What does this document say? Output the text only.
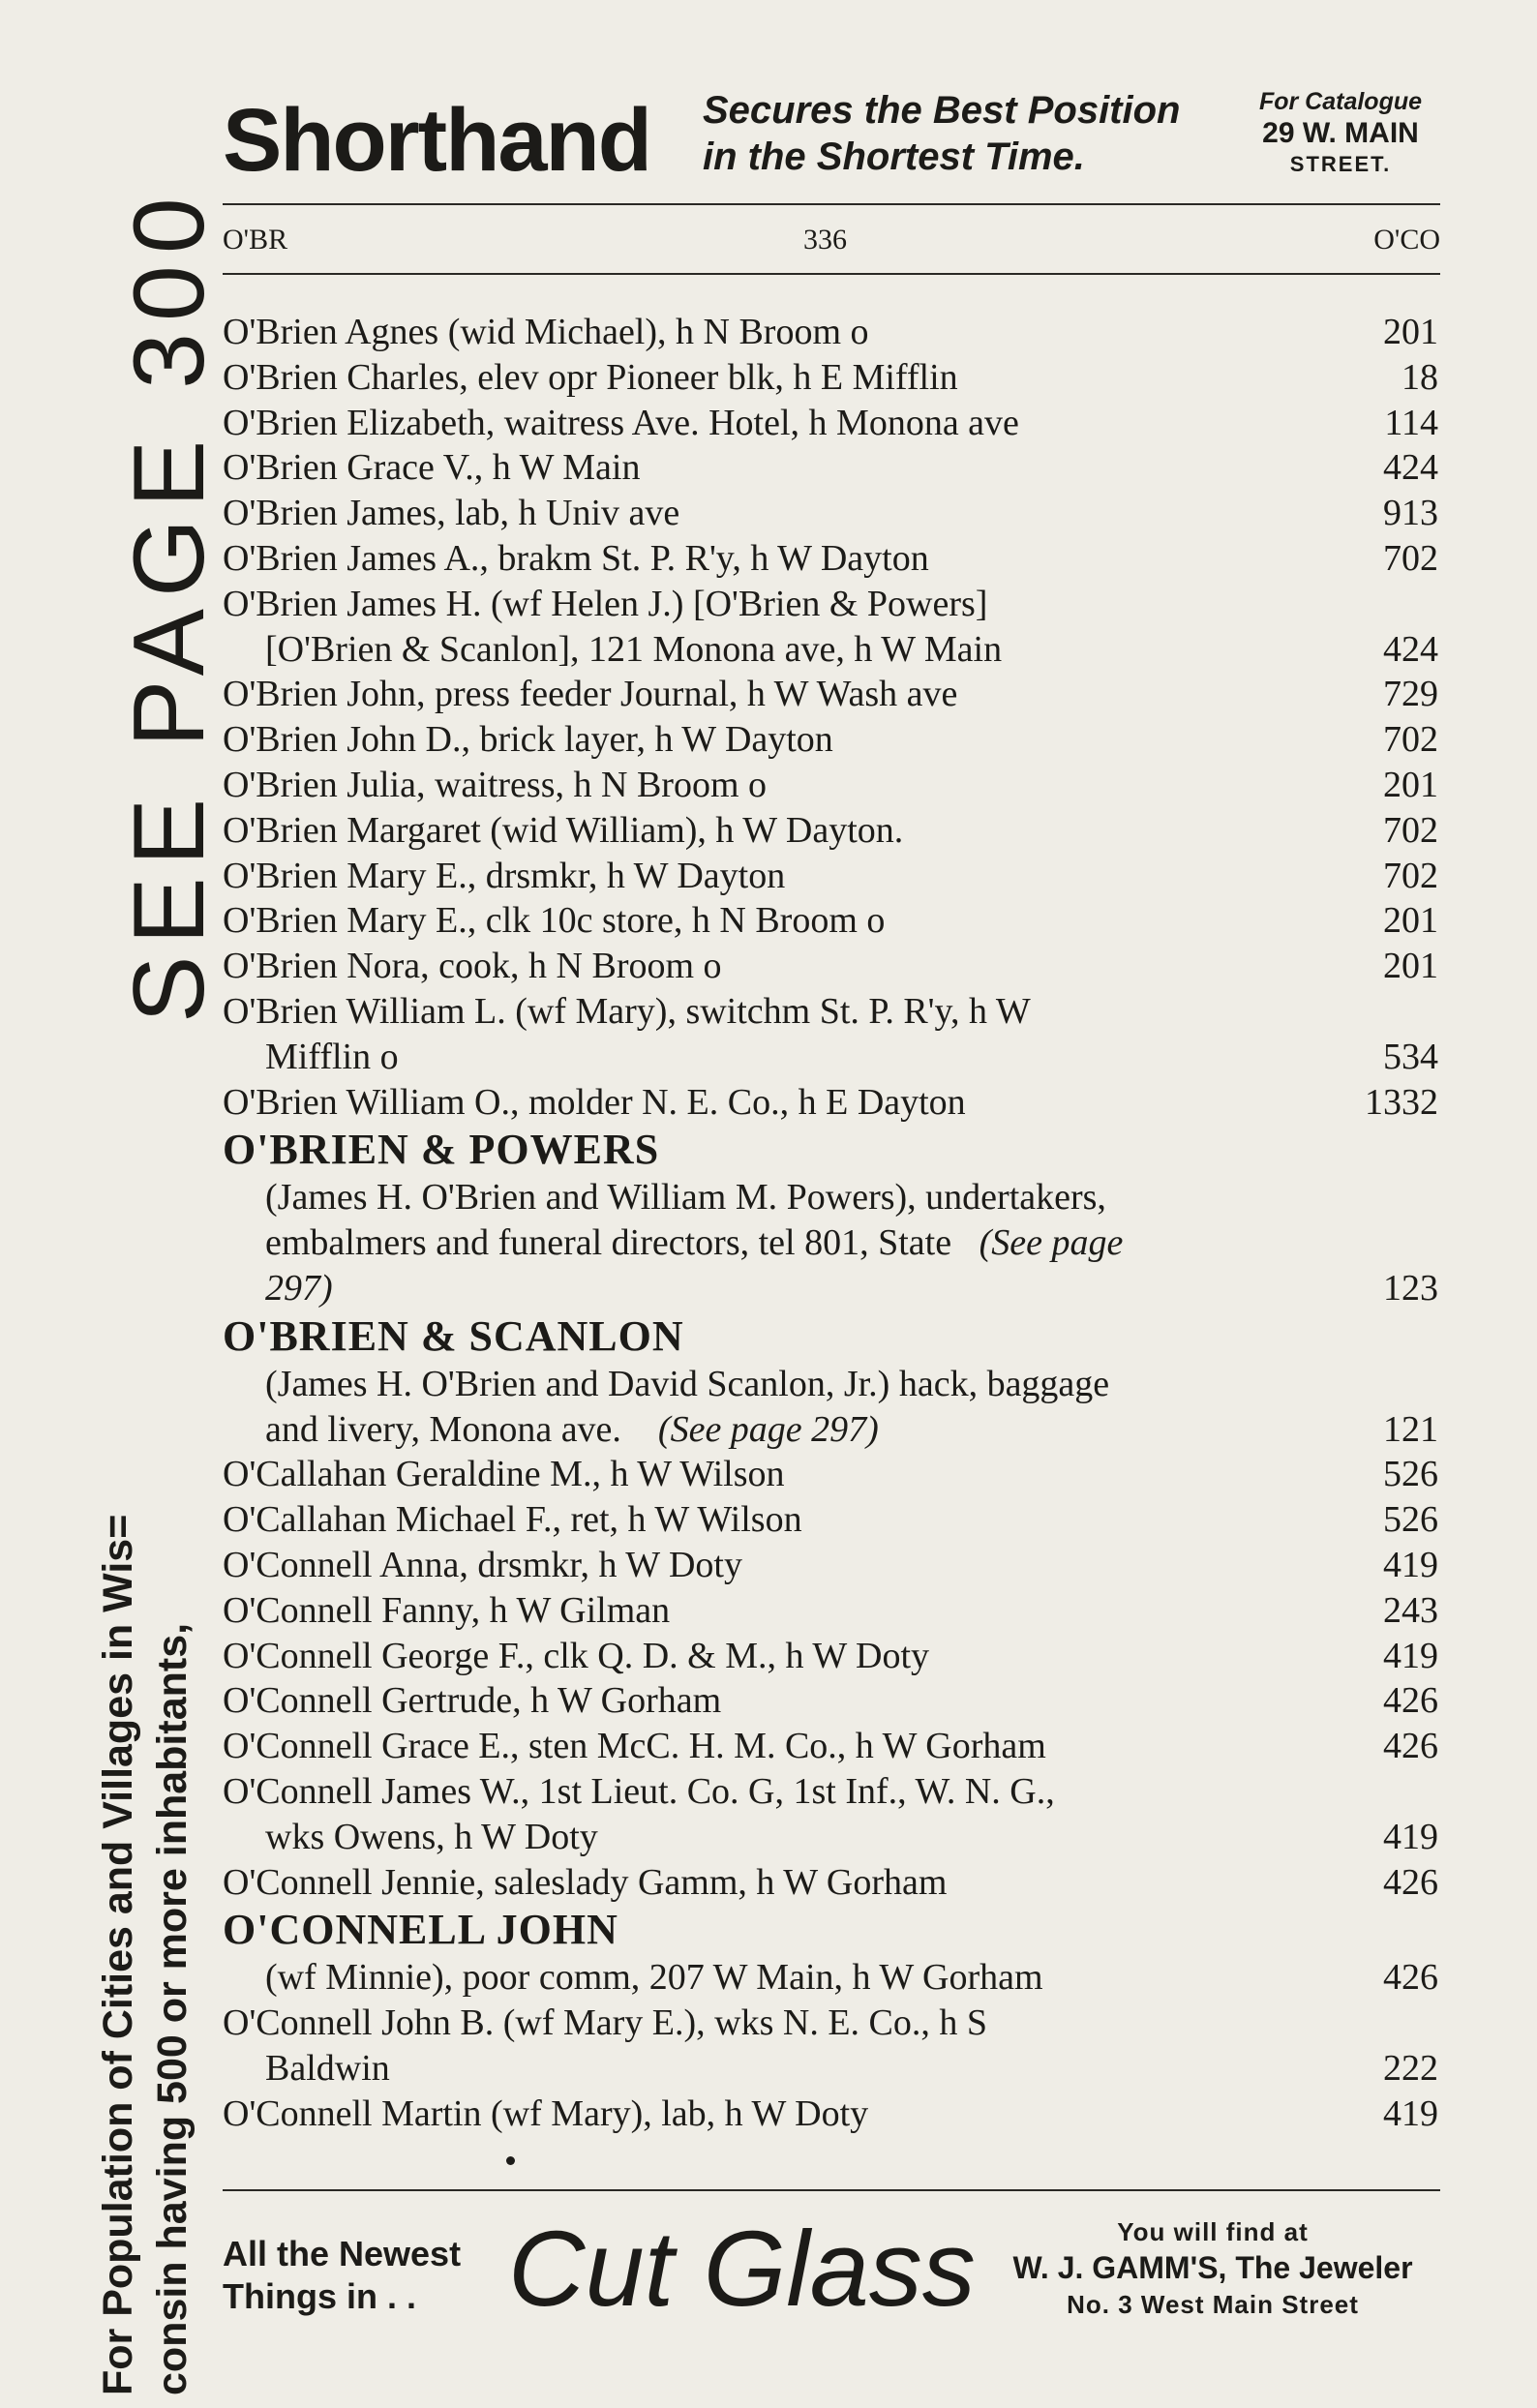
SEE PAGE 300
For Population of Cities and Villages in Wis= consin having 500 or more inhabitants,
Shorthand Secures the Best Position
in the Shortest Time.
For Catalogue
29 W. MAIN
STREET.
O'BR	336	O'CO
O'Brien Agnes (wid Michael), h N Broom o	201
O'Brien Charles, elev opr Pioneer blk, h E Mifflin	18
O'Brien Elizabeth, waitress Ave. Hotel, h Monona ave	114
O'Brien Grace V., h W Main	424
O'Brien James, lab, h Univ ave	913
O'Brien James A., brakm St. P. R'y, h W Dayton	702
O'Brien James H. (wf Helen J.) [O'Brien & Powers]
[O'Brien & Scanlon], 121 Monona ave, h W Main	424
O'Brien John, press feeder Journal, h W Wash ave	729
O'Brien John D., brick layer, h W Dayton	702
O'Brien Julia, waitress, h N Broom o	201
O'Brien Margaret (wid William), h W Dayton.	702
O'Brien Mary E., drsmkr, h W Dayton	702
O'Brien Mary E., clk 10c store, h N Broom o	201
O'Brien Nora, cook, h N Broom o	201
O'Brien William L. (wf Mary), switchm St. P. R'y, h W
Mifflin o	534
O'Brien William O., molder N. E. Co., h E Dayton	1332
O'BRIEN & POWERS
(James H. O'Brien and William M. Powers), undertakers,
embalmers and funeral directors, tel 801, State (See page
297)	123
O'BRIEN & SCANLON
(James H. O'Brien and David Scanlon, Jr.) hack, baggage
and livery, Monona ave. (See page 297)	121
O'Callahan Geraldine M., h W Wilson	526
O'Callahan Michael F., ret, h W Wilson	526
O'Connell Anna, drsmkr, h W Doty	419
O'Connell Fanny, h W Gilman	243
O'Connell George F., clk Q. D. & M., h W Doty	419
O'Connell Gertrude, h W Gorham	426
O'Connell Grace E., sten McC. H. M. Co., h W Gorham	426
O'Connell James W., 1st Lieut. Co. G, 1st Inf., W. N. G.,
wks Owens, h W Doty	419
O'Connell Jennie, saleslady Gamm, h W Gorham	426
O'CONNELL JOHN
(wf Minnie), poor comm, 207 W Main, h W Gorham	426
O'Connell John B. (wf Mary E.), wks N. E. Co., h S
Baldwin	222
O'Connell Martin (wf Mary), lab, h W Doty	419
All the Newest
Things in . . Cut Glass	You will find at
W. J. GAMM'S, The Jeweler
No. 3 West Main Street
